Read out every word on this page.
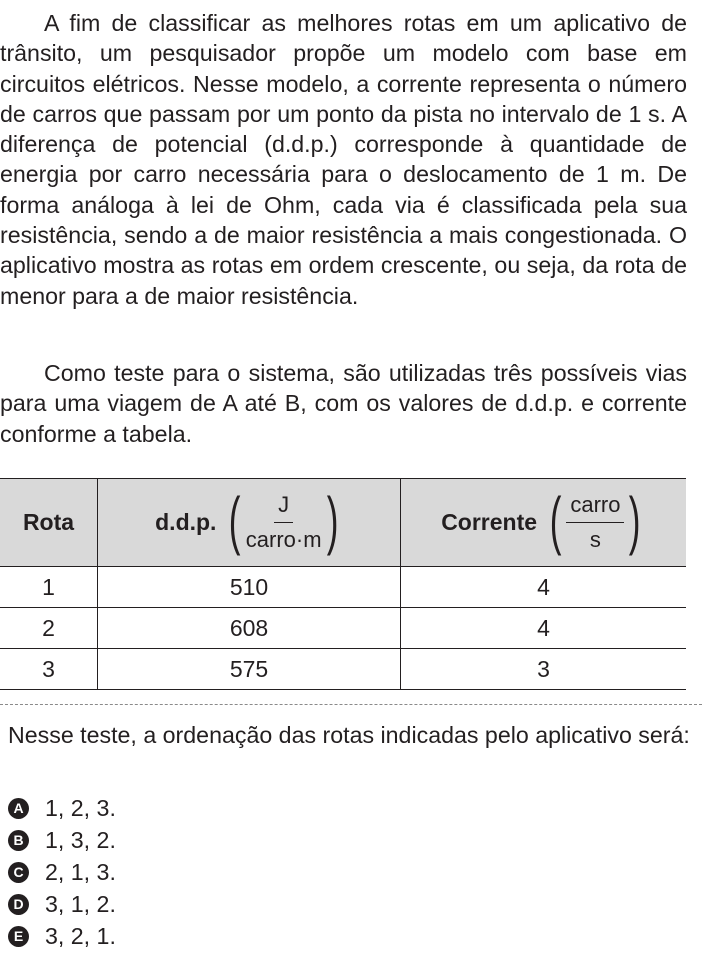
A fim de classificar as melhores rotas em um aplicativo de trânsito, um pesquisador propõe um modelo com base em circuitos elétricos. Nesse modelo, a corrente representa o número de carros que passam por um ponto da pista no intervalo de 1 s. A diferença de potencial (d.d.p.) corresponde à quantidade de energia por carro necessária para o deslocamento de 1 m. De forma análoga à lei de Ohm, cada via é classificada pela sua resistência, sendo a de maior resistência a mais congestionada. O aplicativo mostra as rotas em ordem crescente, ou seja, da rota de menor para a de maior resistência.

Como teste para o sistema, são utilizadas três possíveis vias para uma viagem de A até B, com os valores de d.d.p. e corrente conforme a tabela.

Rota	d.d.p. ( $\frac{J}{\text{carro·m}}$ )	Corrente ( $\frac{\text{carro}}{s}$ )

1	510	4
2	608	4
3	575	3

Nesse teste, a ordenação das rotas indicadas pelo aplicativo será:

A 1, 2, 3.
B 1, 3, 2.
C 2, 1, 3.
D 3, 1, 2.
E 3, 2, 1.
